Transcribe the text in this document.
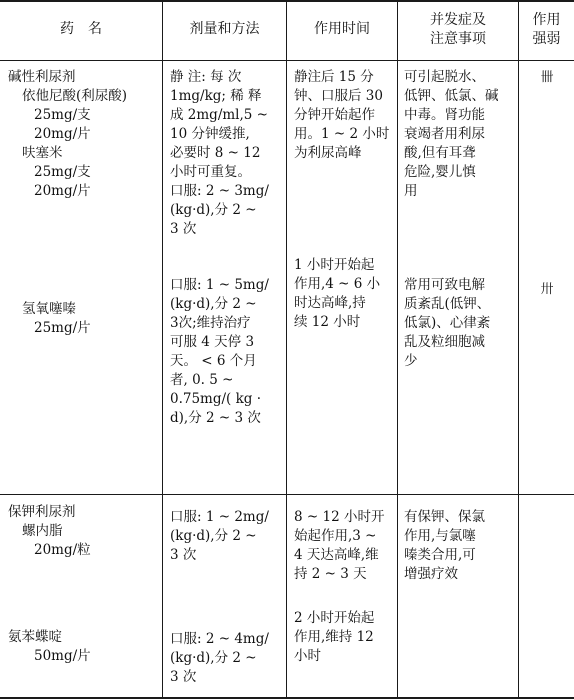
药　名	剂量和方法	作用时间
并发症及
注意事项
作用
强弱
碱性利尿剂
依他尼酸(利尿酸)
25mg/支
20mg/片
呋塞米
25mg/支
20mg/片
静 注: 每 次
1mg/kg; 稀 释
成 2mg/ml,5 ~
10 分钟缓推,
必要时 8 ~ 12
小时可重复。
口服: 2 ~ 3mg/
(kg·d),分 2 ~
3 次
静注后 15 分
钟、口服后 30
分钟开始起作
用。1 ~ 2 小时
为利尿高峰
可引起脱水、
低钾、低氯、碱
中毒。肾功能
衰竭者用利尿
酸,但有耳聋
危险,婴儿慎
用
卌
氢氧噻嗪
25mg/片
口服: 1 ~ 5mg/
(kg·d),分 2 ~
3次;维持治疗
可服 4 天停 3
天。 < 6 个月
者, 0. 5 ~
0.75mg/( kg ·
d),分 2 ~ 3 次
1 小时开始起
作用,4 ~ 6 小
时达高峰,持
续 12 小时
常用可致电解
质紊乱(低钾、
低氯)、心律紊
乱及粒细胞减
少
卅
保钾利尿剂
螺内脂
20mg/粒
口服: 1 ~ 2mg/
(kg·d),分 2 ~
3 次
8 ~ 12 小时开
始起作用,3 ~
4 天达高峰,维
持 2 ~ 3 天
有保钾、保氯
作用,与氯噻
嗪类合用,可
增强疗效
氨苯蝶啶
50mg/片
口服: 2 ~ 4mg/
(kg·d),分 2 ~
3 次
2 小时开始起
作用,维持 12
小时
